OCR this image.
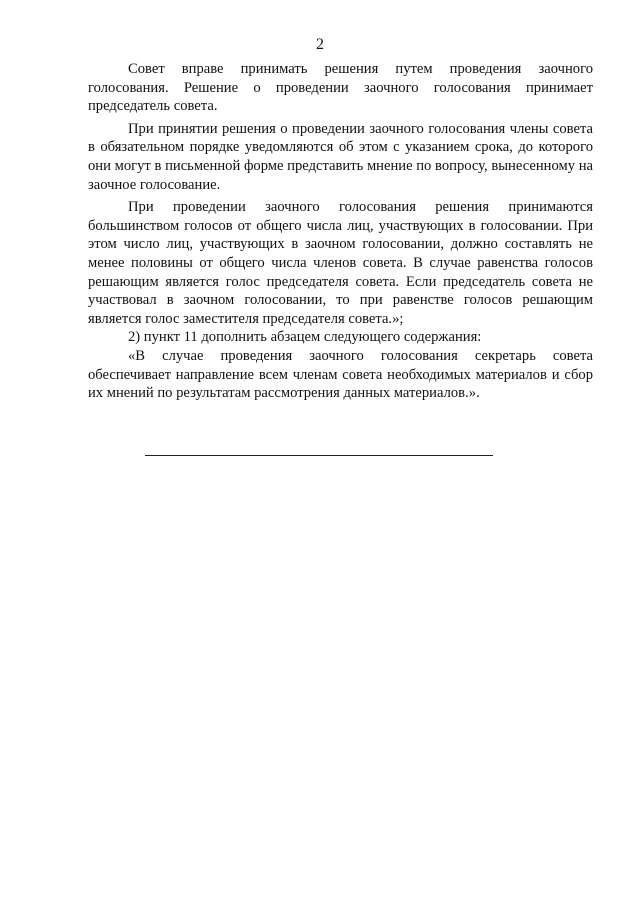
2

Совет вправе принимать решения путем проведения заочного голосования. Решение о проведении заочного голосования принимает председатель совета.

При принятии решения о проведении заочного голосования члены совета в обязательном порядке уведомляются об этом с указанием срока, до которого они могут в письменной форме представить мнение по вопросу, вынесенному на заочное голосование.

При проведении заочного голосования решения принимаются большинством голосов от общего числа лиц, участвующих в голосовании. При этом число лиц, участвующих в заочном голосовании, должно составлять не менее половины от общего числа членов совета. В случае равенства голосов решающим является голос председателя совета. Если председатель совета не участвовал в заочном голосовании, то при равенстве голосов решающим является голос заместителя председателя совета.»;

2) пункт 11 дополнить абзацем следующего содержания:

«В случае проведения заочного голосования секретарь совета обеспечивает направление всем членам совета необходимых материалов и сбор их мнений по результатам рассмотрения данных материалов.».
